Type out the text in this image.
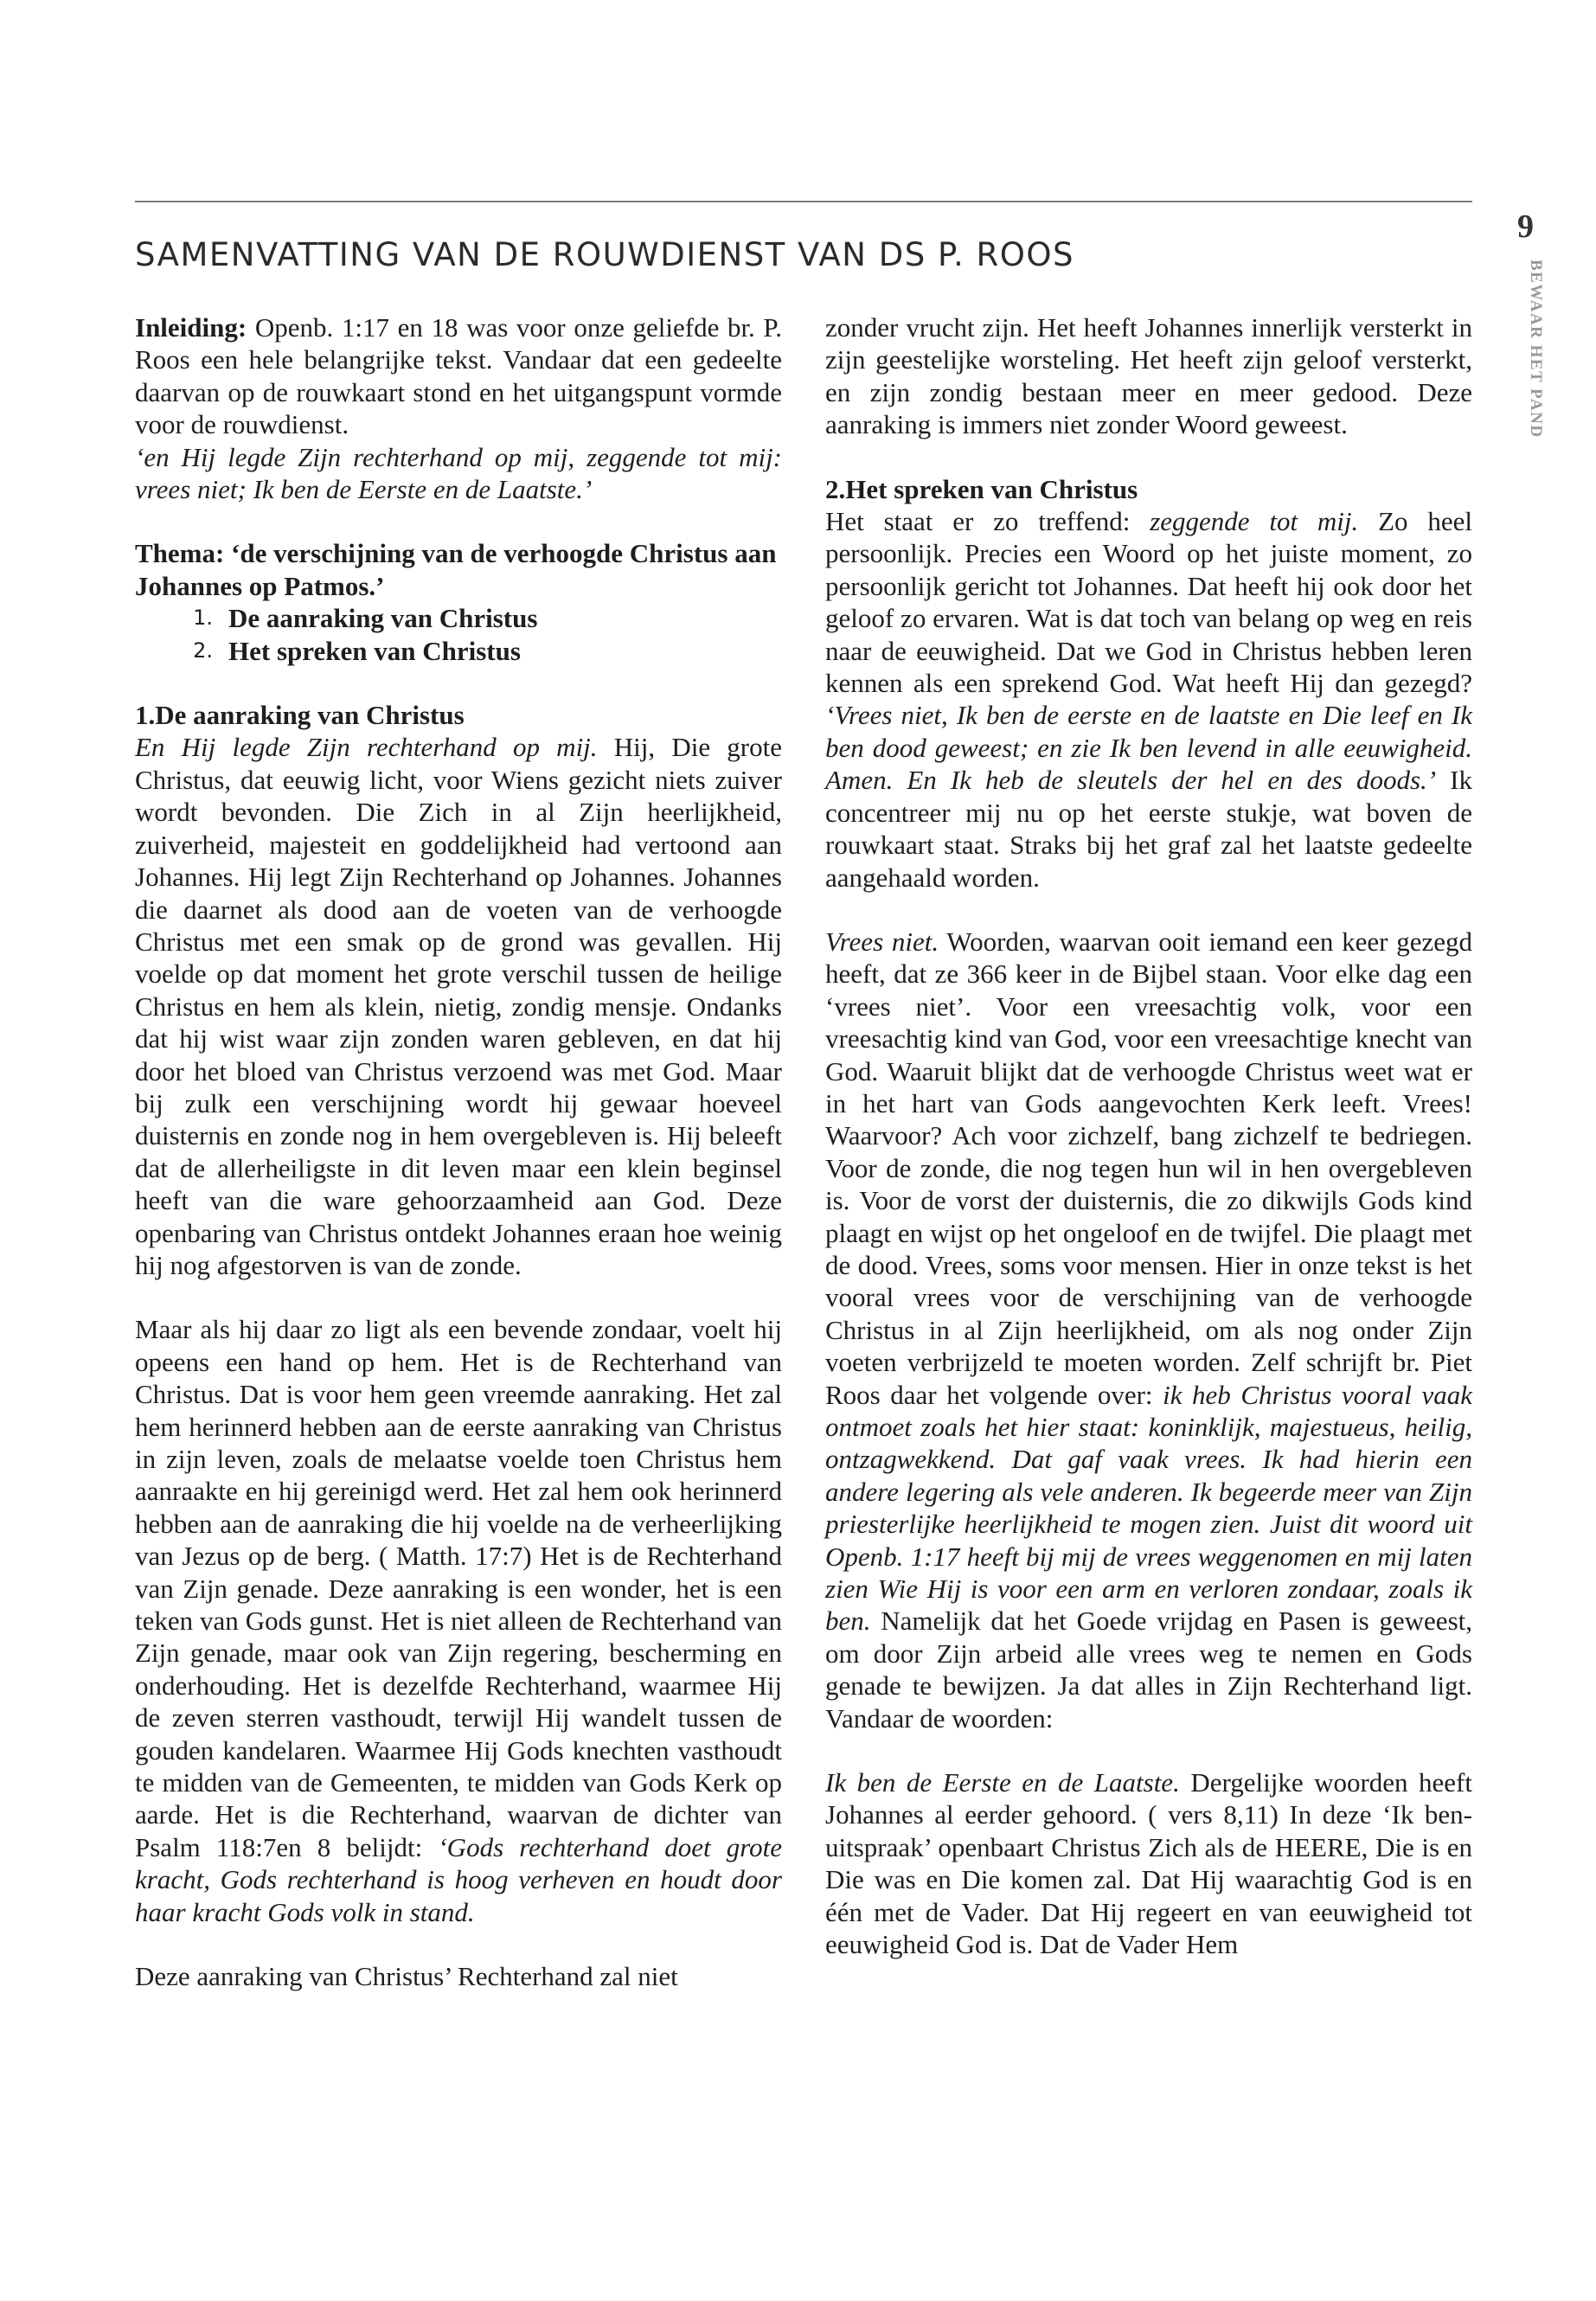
SAMENVATTING VAN DE ROUWDIENST VAN DS P. ROOS
9
BEWAAR HET PAND

Inleiding: Openb. 1:17 en 18 was voor onze geliefde br. P. Roos een hele belangrijke tekst. Vandaar dat een gedeelte daarvan op de rouwkaart stond en het uitgangspunt vormde voor de rouwdienst.

‘en Hij legde Zijn rechterhand op mij, zeggende tot mij: vrees niet; Ik ben de Eerste en de Laatste.’

Thema: ‘de verschijning van de verhoogde Christus aan Johannes op Patmos.’
1. De aanraking van Christus
2. Het spreken van Christus
1.De aanraking van Christus

En Hij legde Zijn rechterhand op mij. Hij, Die grote Christus, dat eeuwig licht, voor Wiens gezicht niets zuiver wordt bevonden. Die Zich in al Zijn heerlijkheid, zuiverheid, majesteit en goddelijkheid had vertoond aan Johannes. Hij legt Zijn Rechterhand op Johannes. Johannes die daarnet als dood aan de voeten van de verhoogde Christus met een smak op de grond was gevallen. Hij voelde op dat moment het grote verschil tussen de heilige Christus en hem als klein, nietig, zondig mensje. Ondanks dat hij wist waar zijn zonden waren gebleven, en dat hij door het bloed van Christus verzoend was met God. Maar bij zulk een verschijning wordt hij gewaar hoeveel duisternis en zonde nog in hem overgebleven is. Hij beleeft dat de allerheiligste in dit leven maar een klein beginsel heeft van die ware gehoorzaamheid aan God. Deze openbaring van Christus ontdekt Johannes eraan hoe weinig hij nog afgestorven is van de zonde.

Maar als hij daar zo ligt als een bevende zondaar, voelt hij opeens een hand op hem. Het is de Rechterhand van Christus. Dat is voor hem geen vreemde aanraking. Het zal hem herinnerd hebben aan de eerste aanraking van Christus in zijn leven, zoals de melaatse voelde toen Christus hem aanraakte en hij gereinigd werd. Het zal hem ook herinnerd hebben aan de aanraking die hij voelde na de verheerlijking van Jezus op de berg. ( Matth. 17:7) Het is de Rechterhand van Zijn genade. Deze aanraking is een wonder, het is een teken van Gods gunst. Het is niet alleen de Rechterhand van Zijn genade, maar ook van Zijn regering, bescherming en onderhouding. Het is dezelfde Rechterhand, waarmee Hij de zeven sterren vasthoudt, terwijl Hij wandelt tussen de gouden kandelaren. Waarmee Hij Gods knechten vasthoudt te midden van de Gemeenten, te midden van Gods Kerk op aarde. Het is die Rechterhand, waarvan de dichter van Psalm 118:7en 8 belijdt: ‘Gods rechterhand doet grote kracht, Gods rechterhand is hoog verheven en houdt door haar kracht Gods volk in stand.

Deze aanraking van Christus’ Rechterhand zal niet

zonder vrucht zijn. Het heeft Johannes innerlijk versterkt in zijn geestelijke worsteling. Het heeft zijn geloof versterkt, en zijn zondig bestaan meer en meer gedood. Deze aanraking is immers niet zonder Woord geweest.

2.Het spreken van Christus

Het staat er zo treffend: zeggende tot mij. Zo heel persoonlijk. Precies een Woord op het juiste moment, zo persoonlijk gericht tot Johannes. Dat heeft hij ook door het geloof zo ervaren. Wat is dat toch van belang op weg en reis naar de eeuwigheid. Dat we God in Christus hebben leren kennen als een sprekend God. Wat heeft Hij dan gezegd? ‘Vrees niet, Ik ben de eerste en de laatste en Die leef en Ik ben dood geweest; en zie Ik ben levend in alle eeuwigheid. Amen. En Ik heb de sleutels der hel en des doods.’ Ik concentreer mij nu op het eerste stukje, wat boven de rouwkaart staat. Straks bij het graf zal het laatste gedeelte aangehaald worden.

Vrees niet. Woorden, waarvan ooit iemand een keer gezegd heeft, dat ze 366 keer in de Bijbel staan. Voor elke dag een ‘vrees niet’. Voor een vreesachtig volk, voor een vreesachtig kind van God, voor een vreesachtige knecht van God. Waaruit blijkt dat de verhoogde Christus weet wat er in het hart van Gods aangevochten Kerk leeft. Vrees! Waarvoor? Ach voor zichzelf, bang zichzelf te bedriegen. Voor de zonde, die nog tegen hun wil in hen overgebleven is. Voor de vorst der duisternis, die zo dikwijls Gods kind plaagt en wijst op het ongeloof en de twijfel. Die plaagt met de dood. Vrees, soms voor mensen. Hier in onze tekst is het vooral vrees voor de verschijning van de verhoogde Christus in al Zijn heerlijkheid, om als nog onder Zijn voeten verbrijzeld te moeten worden. Zelf schrijft br. Piet Roos daar het volgende over: ik heb Christus vooral vaak ontmoet zoals het hier staat: koninklijk, majestueus, heilig, ontzagwekkend. Dat gaf vaak vrees. Ik had hierin een andere legering als vele anderen. Ik begeerde meer van Zijn priesterlijke heerlijkheid te mogen zien. Juist dit woord uit Openb. 1:17 heeft bij mij de vrees weggenomen en mij laten zien Wie Hij is voor een arm en verloren zondaar, zoals ik ben. Namelijk dat het Goede vrijdag en Pasen is geweest, om door Zijn arbeid alle vrees weg te nemen en Gods genade te bewijzen. Ja dat alles in Zijn Rechterhand ligt. Vandaar de woorden:

Ik ben de Eerste en de Laatste. Dergelijke woorden heeft Johannes al eerder gehoord. ( vers 8,11) In deze ‘Ik ben-uitspraak’ openbaart Christus Zich als de HEERE, Die is en Die was en Die komen zal. Dat Hij waarachtig God is en één met de Vader. Dat Hij regeert en van eeuwigheid tot eeuwigheid God is. Dat de Vader Hem
